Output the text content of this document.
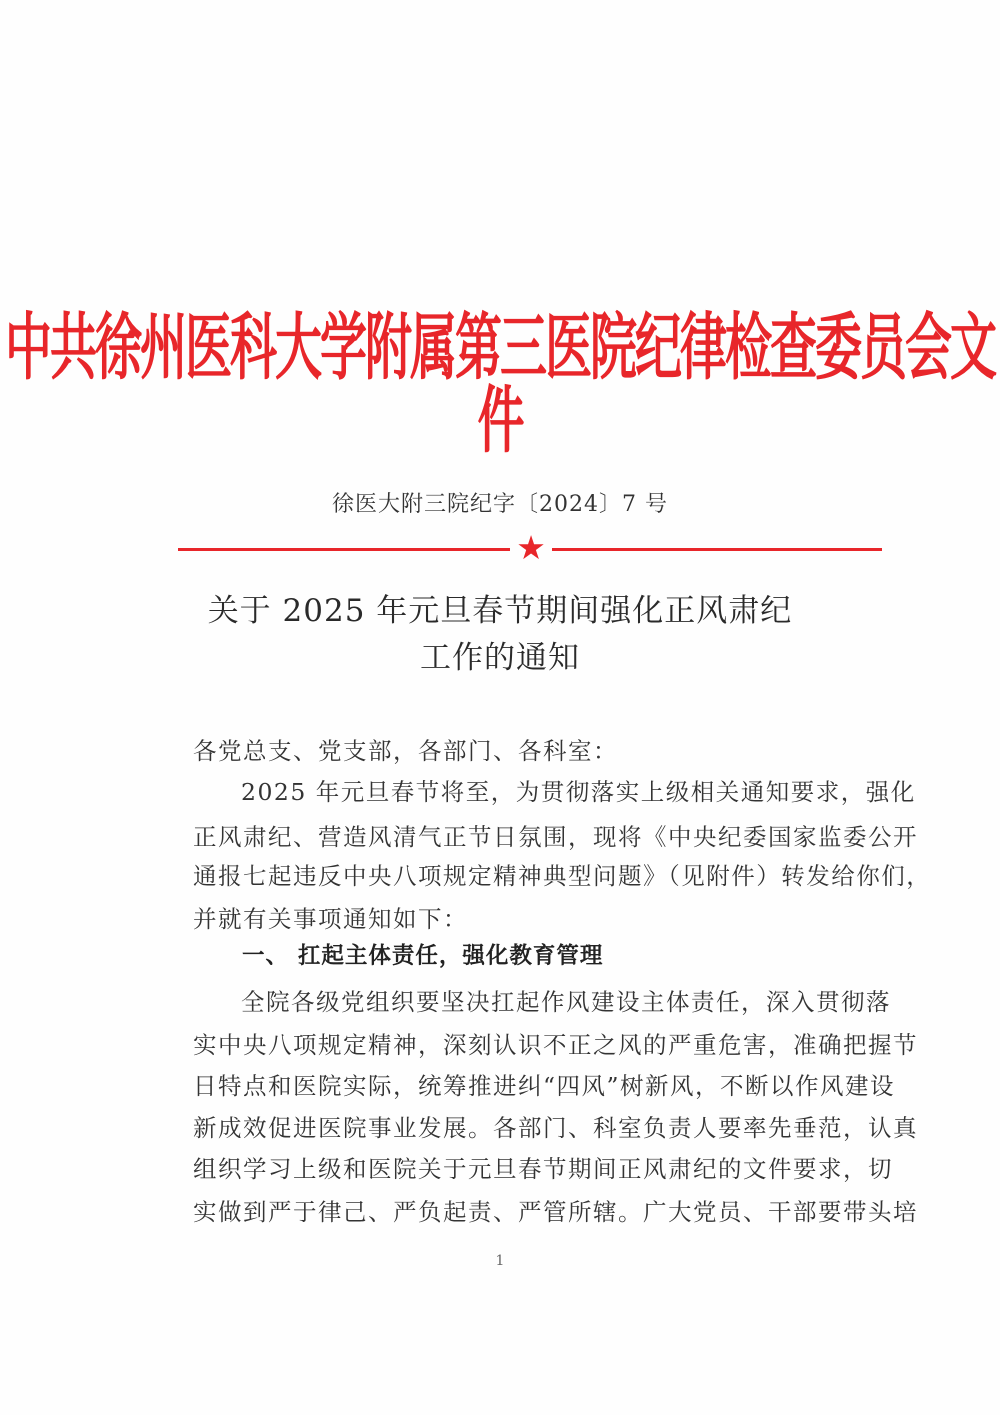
中共徐州医科大学附属第三医院纪律检查委员会文件
徐医大附三院纪字〔2024〕7 号
★
关于 2025 年元旦春节期间强化正风肃纪
工作的通知
各党总支、党支部，各部门、各科室：
2025 年元旦春节将至，为贯彻落实上级相关通知要求，强化
正风肃纪、营造风清气正节日氛围，现将《中央纪委国家监委公开
通报七起违反中央八项规定精神典型问题》（见附件）转发给你们，
并就有关事项通知如下：
一、 扛起主体责任，强化教育管理
全院各级党组织要坚决扛起作风建设主体责任，深入贯彻落
实中央八项规定精神，深刻认识不正之风的严重危害，准确把握节
日特点和医院实际，统筹推进纠“四风”树新风，不断以作风建设
新成效促进医院事业发展。各部门、科室负责人要率先垂范，认真
组织学习上级和医院关于元旦春节期间正风肃纪的文件要求，切
实做到严于律己、严负起责、严管所辖。广大党员、干部要带头培
1
